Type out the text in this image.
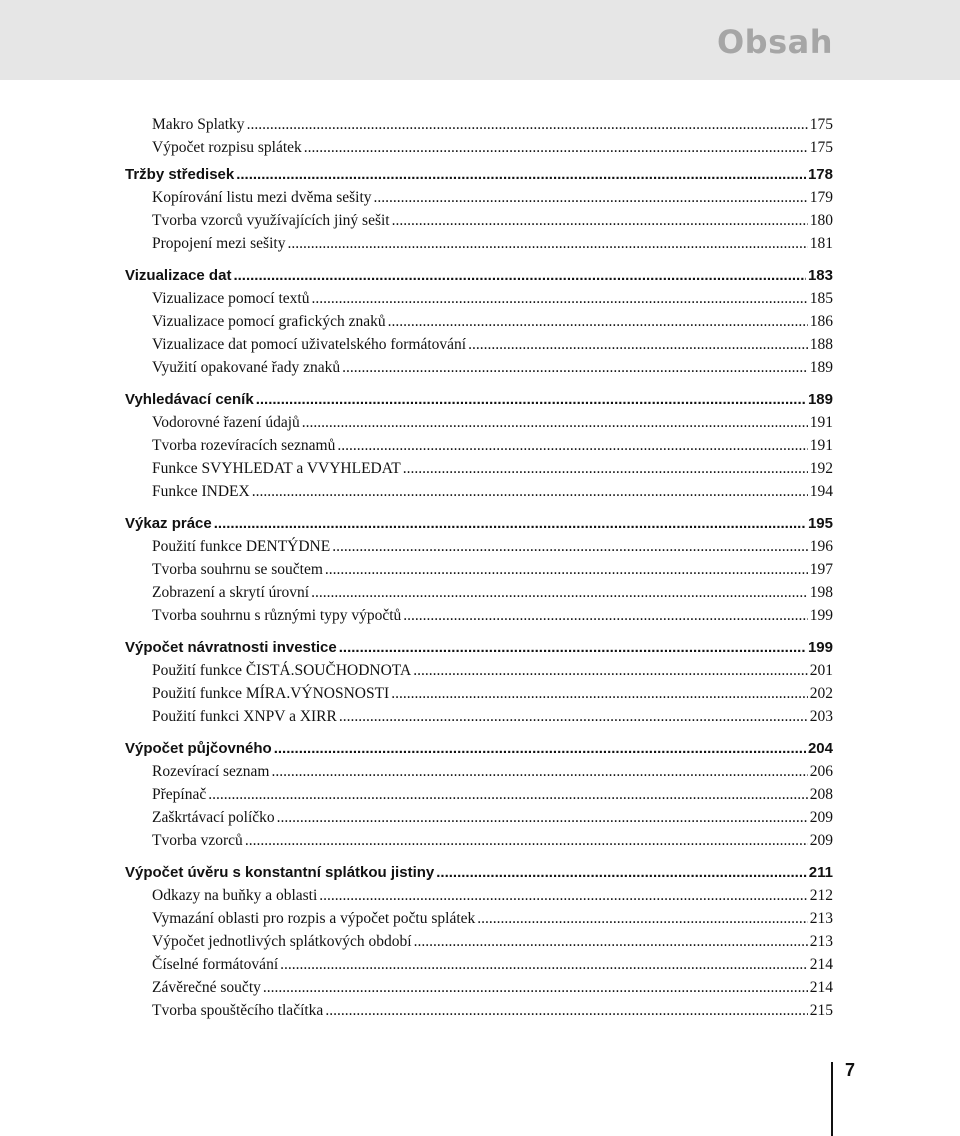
Obsah
Makro Splatky .....	175
Výpočet rozpisu splátek .....	175
Tržby středisek .....	178
Kopírování listu mezi dvěma sešity .....	179
Tvorba vzorců využívajících jiný sešit .....	180
Propojení mezi sešity .....	181
Vizualizace dat .....	183
Vizualizace pomocí textů .....	185
Vizualizace pomocí grafických znaků .....	186
Vizualizace dat pomocí uživatelského formátování .....	188
Využití opakované řady znaků .....	189
Vyhledávací ceník .....	189
Vodorovné řazení údajů .....	191
Tvorba rozevíracích seznamů .....	191
Funkce SVYHLEDAT a VVYHLEDAT .....	192
Funkce INDEX .....	194
Výkaz práce .....	195
Použití funkce DENTÝDNE .....	196
Tvorba souhrnu se součtem .....	197
Zobrazení a skrytí úrovní .....	198
Tvorba souhrnu s různými typy výpočtů .....	199
Výpočet návratnosti investice .....	199
Použití funkce ČISTÁ.SOUČHODNOTA .....	201
Použití funkce MÍRA.VÝNOSNOSTI .....	202
Použití funkci XNPV a XIRR .....	203
Výpočet půjčovného .....	204
Rozevírací seznam .....	206
Přepínač .....	208
Zaškrtávací políčko .....	209
Tvorba vzorců .....	209
Výpočet úvěru s konstantní splátkou jistiny .....	211
Odkazy na buňky a oblasti .....	212
Vymazání oblasti pro rozpis a výpočet počtu splátek .....	213
Výpočet jednotlivých splátkových období .....	213
Číselné formátování .....	214
Závěrečné součty .....	214
Tvorba spouštěcího tlačítka .....	215
7
